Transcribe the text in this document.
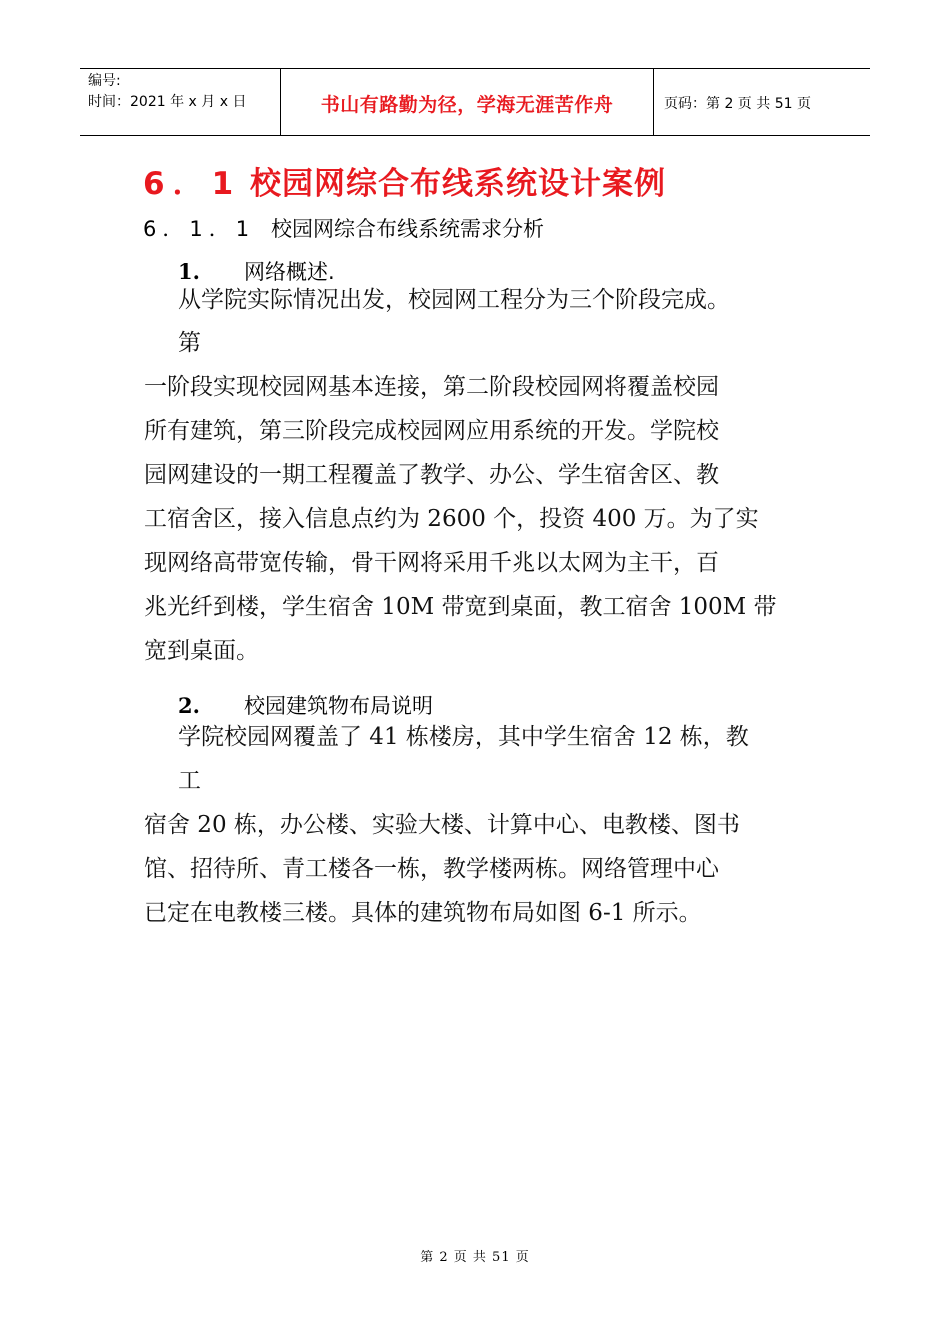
编号:
时间：2021 年 x 月 x 日	书山有路勤为径，学海无涯苦作舟	页码：第 2 页 共 51 页
6．1 校园网综合布线系统设计案例
6．1．1 校园网综合布线系统需求分析
1. 网络概述.
从学院实际情况出发，校园网工程分为三个阶段完成。
第
一阶段实现校园网基本连接，第二阶段校园网将覆盖校园
所有建筑，第三阶段完成校园网应用系统的开发。学院校
园网建设的一期工程覆盖了教学、办公、学生宿舍区、教
工宿舍区，接入信息点约为 2600 个，投资 400 万。为了实
现网络高带宽传输，骨干网将采用千兆以太网为主干，百
兆光纤到楼，学生宿舍 10M 带宽到桌面，教工宿舍 100M 带
宽到桌面。
2. 校园建筑物布局说明
学院校园网覆盖了 41 栋楼房，其中学生宿舍 12 栋，教
工
宿舍 20 栋，办公楼、实验大楼、计算中心、电教楼、图书
馆、招待所、青工楼各一栋，教学楼两栋。网络管理中心
已定在电教楼三楼。具体的建筑物布局如图 6-1 所示。
第 2 页 共 51 页
